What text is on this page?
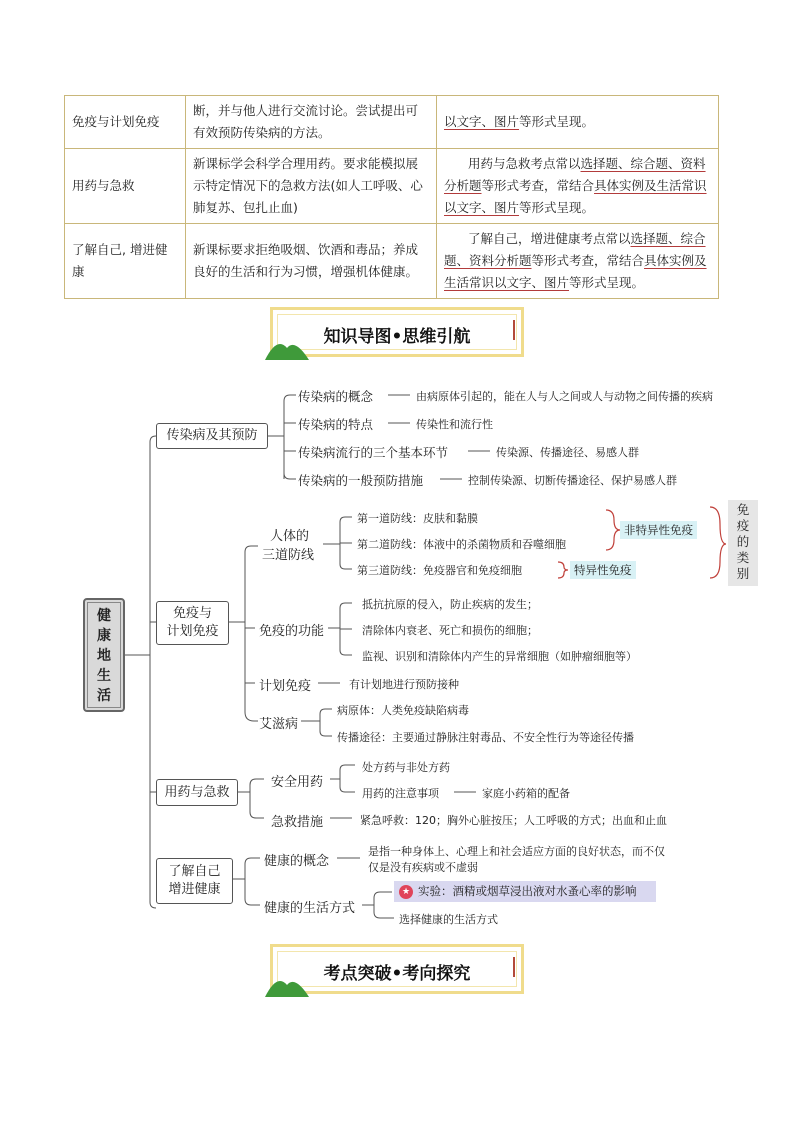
免疫与计划免疫	断，并与他人进行交流讨论。尝试提出可有效预防传染病的方法。	以文字、图片等形式呈现。
用药与急救	新课标学会科学合理用药。要求能模拟展示特定情况下的急救方法(如人工呼吸、心肺复苏、包扎止血)	用药与急救考点常以选择题、综合题、资料分析题等形式考查，常结合具体实例及生活常识以文字、图片等形式呈现。
了解自己, 增进健康	新课标要求拒绝吸烟、饮酒和毒品；养成良好的生活和行为习惯，增强机体健康。	了解自己，增进健康考点常以选择题、综合题、资料分析题等形式考查，常结合具体实例及生活常识以文字、图片等形式呈现。
知识导图•思维引航
健
康
地
生
活
传染病及其预防
传染病的概念	由病原体引起的，能在人与人之间或人与动物之间传播的疾病
传染病的特点	传染性和流行性
传染病流行的三个基本环节	传染源、传播途径、易感人群
传染病的一般预防措施	控制传染源、切断传播途径、保护易感人群
免疫与
计划免疫
人体的
三道防线
第一道防线：皮肤和黏膜
第二道防线：体液中的杀菌物质和吞噬细胞
第三道防线：免疫器官和免疫细胞
非特异性免疫
特异性免疫
免
疫
的
类
别
免疫的功能
抵抗抗原的侵入，防止疾病的发生；
清除体内衰老、死亡和损伤的细胞；
监视、识别和清除体内产生的异常细胞（如肿瘤细胞等）
计划免疫	有计划地进行预防接种
艾滋病
病原体：人类免疫缺陷病毒
传播途径：主要通过静脉注射毒品、不安全性行为等途径传播
用药与急救
安全用药
处方药与非处方药
用药的注意事项	家庭小药箱的配备
急救措施	紧急呼救：120；胸外心脏按压；人工呼吸的方式；出血和止血
了解自己
增进健康
健康的概念
是指一种身体上、心理上和社会适应方面的良好状态，而不仅
仅是没有疾病或不虚弱
健康的生活方式
★ 实验：酒精或烟草浸出液对水蚤心率的影响
选择健康的生活方式
考点突破•考向探究
